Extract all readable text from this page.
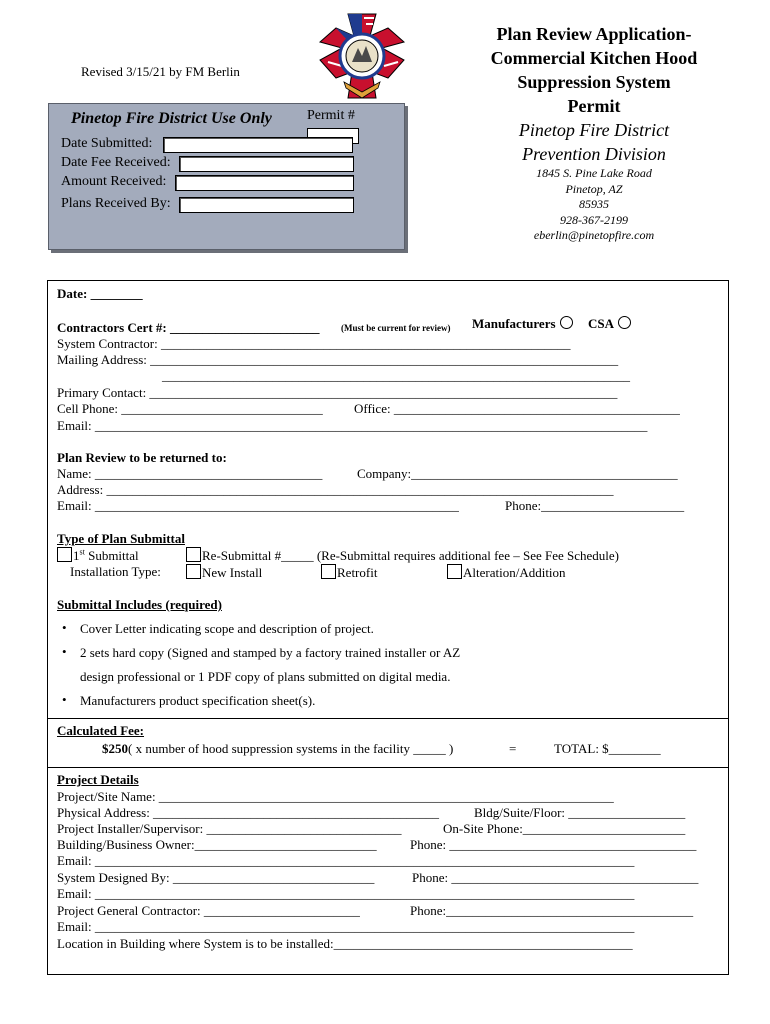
Revised 3/15/21 by FM Berlin
Plan Review Application-
Commercial Kitchen Hood
Suppression System
Permit
Pinetop Fire District
Prevention Division
1845 S. Pine Lake Road
Pinetop, AZ
85935
928-367-2199
eberlin@pinetopfire.com
Pinetop Fire District Use Only	Permit #
Date Submitted:
Date Fee Received:
Amount Received:
Plans Received By:
Date: ________
Contractors Cert #: _______________________ (Must be current for review) Manufacturers	CSA
System Contractor: _______________________________________________________________
Mailing Address: ________________________________________________________________________
________________________________________________________________________
Primary Contact: ________________________________________________________________________
Cell Phone: _______________________________ Office: ____________________________________________
Email: _____________________________________________________________________________________
Plan Review to be returned to:
Name: ___________________________________	Company:_________________________________________
Address: ______________________________________________________________________________
Email: ________________________________________________________	Phone:______________________
Type of Plan Submittal
1st Submittal	Re-Submittal #_____ (Re-Submittal requires additional fee – See Fee Schedule)
Installation Type:	New Install	Retrofit	Alteration/Addition
Submittal Includes (required)
• Cover Letter indicating scope and description of project.
• 2 sets hard copy (Signed and stamped by a factory trained installer or AZ
design professional or 1 PDF copy of plans submitted on digital media.
• Manufacturers product specification sheet(s).
Calculated Fee:
$250( x number of hood suppression systems in the facility _____ )	=	TOTAL: $________
Project Details
Project/Site Name: ______________________________________________________________________
Physical Address: ____________________________________________	Bldg/Suite/Floor: __________________
Project Installer/Supervisor: ______________________________	On-Site Phone:_________________________
Building/Business Owner:____________________________	Phone: ______________________________________
Email: ___________________________________________________________________________________
System Designed By: _______________________________	Phone: ______________________________________
Email: ___________________________________________________________________________________
Project General Contractor: ________________________	Phone:______________________________________
Email: ___________________________________________________________________________________
Location in Building where System is to be installed:______________________________________________
